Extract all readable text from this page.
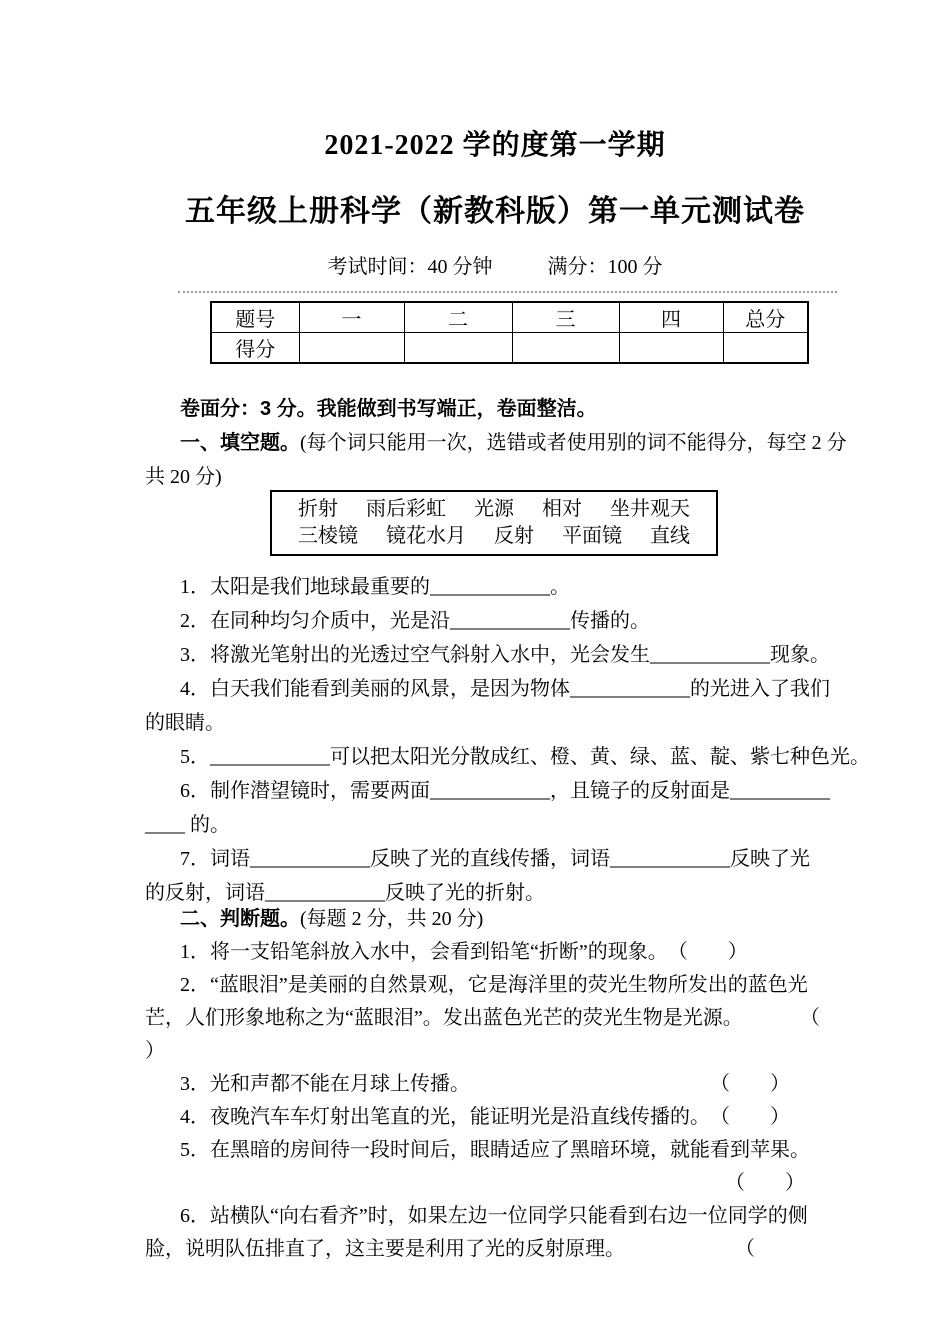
2021-2022 学的度第一学期
五年级上册科学（新教科版）第一单元测试卷
考试时间：40 分钟	满分：100 分
题号	一	二	三	四	总分
得分					
卷面分：3 分。我能做到书写端正，卷面整洁。
一、填空题。 (每个词只能用一次，选错或者使用别的词不能得分，每空 2 分
共 20 分)
折射 雨后彩虹 光源 相对 坐井观天
三棱镜 镜花水月 反射 平面镜 直线
1．太阳是我们地球最重要的____________。
2．在同种均匀介质中，光是沿____________传播的。
3．将激光笔射出的光透过空气斜射入水中，光会发生____________现象。
4．白天我们能看到美丽的风景，是因为物体____________的光进入了我们
的眼睛。
5．____________可以把太阳光分散成红、橙、黄、绿、蓝、靛、紫七种色光。
6．制作潜望镜时，需要两面____________，且镜子的反射面是__________
____ 的。
7．词语____________反映了光的直线传播，词语____________反映了光
的反射，词语____________反映了光的折射。
二、判断题。 (每题 2 分，共 20 分)
1．将一支铅笔斜放入水中，会看到铅笔“折断”的现象。 （　　）
2．“蓝眼泪”是美丽的自然景观，它是海洋里的荧光生物所发出的蓝色光
芒，人们形象地称之为“蓝眼泪”。发出蓝色光芒的荧光生物是光源。	（
）
3．光和声都不能在月球上传播。	（　　）
4．夜晚汽车车灯射出笔直的光，能证明光是沿直线传播的。 （　　）
5．在黑暗的房间待一段时间后，眼睛适应了黑暗环境，就能看到苹果。
（　　）
6．站横队“向右看齐”时，如果左边一位同学只能看到右边一位同学的侧
脸，说明队伍排直了，这主要是利用了光的反射原理。	（
